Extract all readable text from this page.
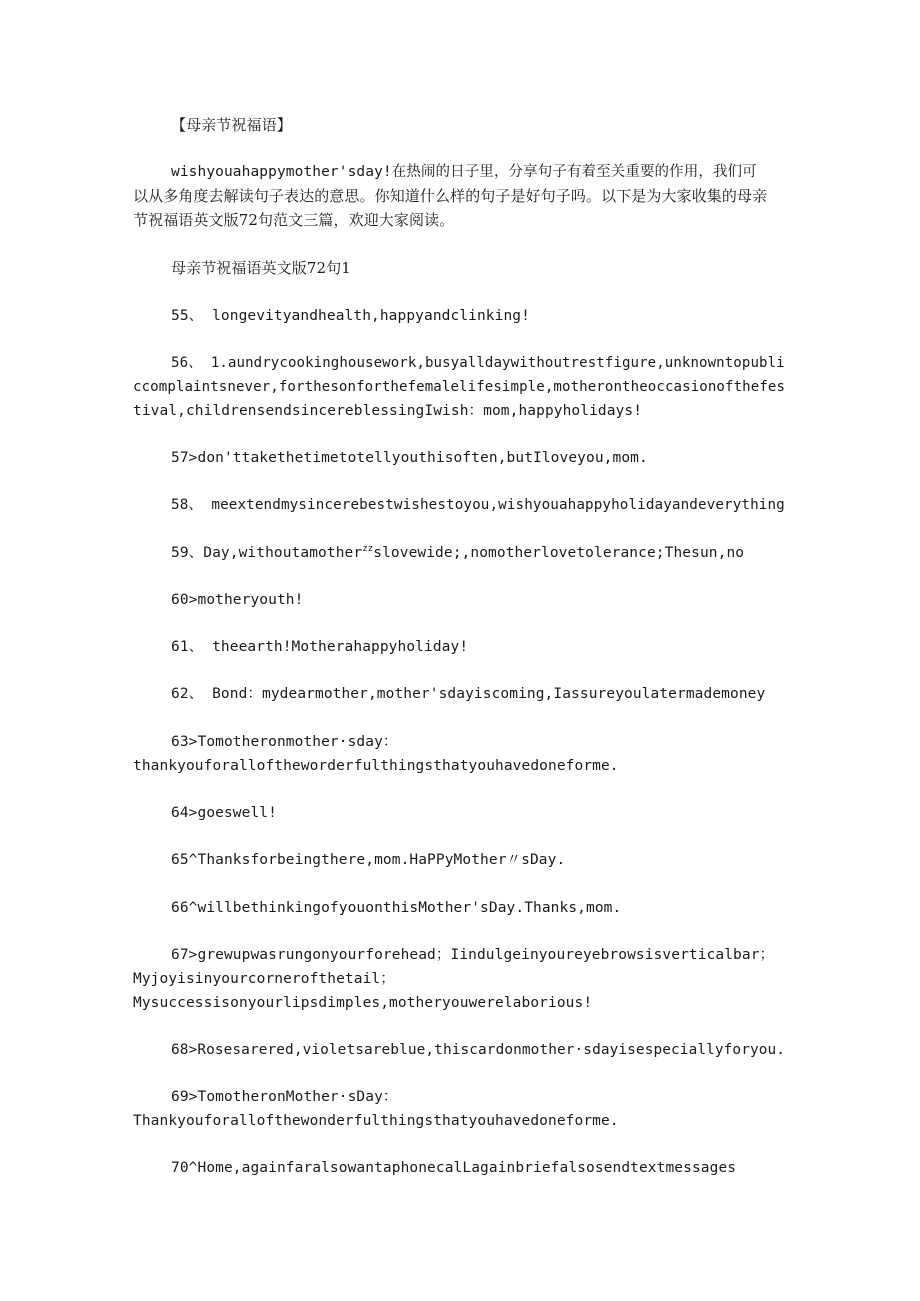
【母亲节祝福语】
wishyouahappymother'sday!在热闹的日子里，分享句子有着至关重要的作用，我们可
以从多角度去解读句子表达的意思。你知道什么样的句子是好句子吗。以下是为大家收集的母亲
节祝福语英文版72句范文三篇，欢迎大家阅读。
母亲节祝福语英文版72句1
55、 longevityandhealth,happyandclinking!
56、 1.aundrycookinghousework,busyalldaywithoutrestfigure,unknowntopubli
ccomplaintsnever,forthesonforthefemalelifesimple,motherontheoccasionofthefes
tival,childrensendsincereblessingIwish：mom,happyholidays!
57>don'ttakethetimetotellyouthisoften,butIloveyou,mom.
58、 meextendmysincerebestwishestoyou,wishyouahappyholidayandeverything
59、Day,withoutamother$^{zz}$slovewide;,nomotherlovetolerance;Thesun,no
60>motheryouth!
61、 theearth!Motherahappyholiday!
62、 Bond：mydearmother,mother'sdayiscoming,Iassureyoulatermademoney
63>Tomotheronmother·sday：
thankyouforalloftheworderfulthingsthatyouhavedoneforme.
64>goeswell!
65^Thanksforbeingthere,mom.HaPPyMother〃sDay.
66^willbethinkingofyouonthisMother'sDay.Thanks,mom.
67>grewupwasrungonyourforehead；Iindulgeinyoureyebrowsisverticalbar；
Myjoyisinyourcornerofthetail；
Mysuccessisonyourlipsdimples,motheryouwerelaborious!
68>Rosesarered,violetsareblue,thiscardonmother·sdayisespeciallyforyou.
69>TomotheronMother·sDay：
Thankyouforallofthewonderfulthingsthatyouhavedoneforme.
70^Home,againfaralsowantaphonecalLagainbriefalsosendtextmessages
